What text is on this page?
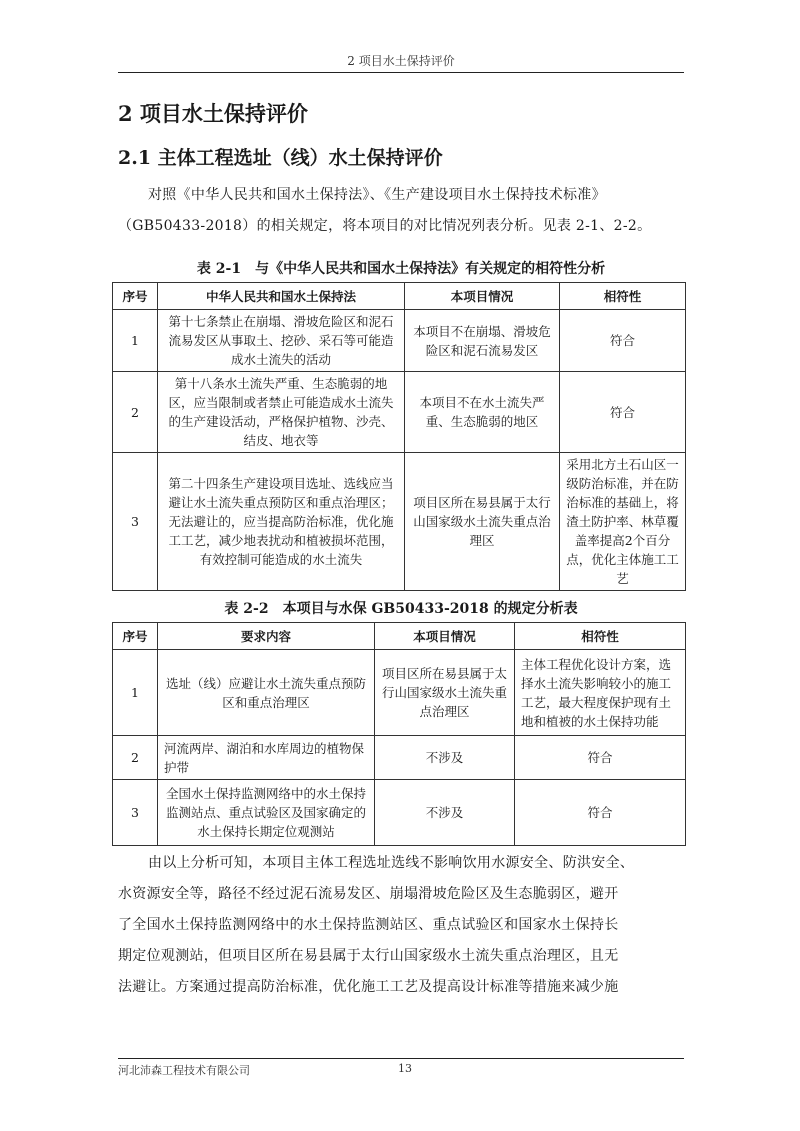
2 项目水土保持评价
2 项目水土保持评价
2.1 主体工程选址（线）水土保持评价
对照《中华人民共和国水土保持法》、《生产建设项目水土保持技术标准》
（GB50433-2018）的相关规定，将本项目的对比情况列表分析。见表 2-1、2-2。
表 2-1　与《中华人民共和国水土保持法》有关规定的相符性分析
序号	中华人民共和国水土保持法	本项目情况	相符性
1	第十七条禁止在崩塌、滑坡危险区和泥石流易发区从事取土、挖砂、采石等可能造成水土流失的活动	本项目不在崩塌、滑坡危险区和泥石流易发区	符合
2	第十八条水土流失严重、生态脆弱的地区，应当限制或者禁止可能造成水土流失的生产建设活动，严格保护植物、沙壳、结皮、地衣等	本项目不在水土流失严重、生态脆弱的地区	符合
3	第二十四条生产建设项目选址、选线应当避让水土流失重点预防区和重点治理区；无法避让的，应当提高防治标准，优化施工工艺，减少地表扰动和植被损坏范围，有效控制可能造成的水土流失	项目区所在易县属于太行山国家级水土流失重点治理区	采用北方土石山区一级防治标准，并在防治标准的基础上，将渣土防护率、林草覆盖率提高2个百分点，优化主体施工工艺
表 2-2　本项目与水保 GB50433-2018 的规定分析表
序号	要求内容	本项目情况	相符性
1	选址（线）应避让水土流失重点预防区和重点治理区	项目区所在易县属于太行山国家级水土流失重点治理区	主体工程优化设计方案，选择水土流失影响较小的施工工艺，最大程度保护现有土地和植被的水土保持功能
2	河流两岸、湖泊和水库周边的植物保护带	不涉及	符合
3	全国水土保持监测网络中的水土保持监测站点、重点试验区及国家确定的水土保持长期定位观测站	不涉及	符合
由以上分析可知，本项目主体工程选址选线不影响饮用水源安全、防洪安全、
水资源安全等，路径不经过泥石流易发区、崩塌滑坡危险区及生态脆弱区，避开
了全国水土保持监测网络中的水土保持监测站区、重点试验区和国家水土保持长
期定位观测站，但项目区所在易县属于太行山国家级水土流失重点治理区，且无
法避让。方案通过提高防治标准，优化施工工艺及提高设计标准等措施来减少施
河北沛森工程技术有限公司	13
